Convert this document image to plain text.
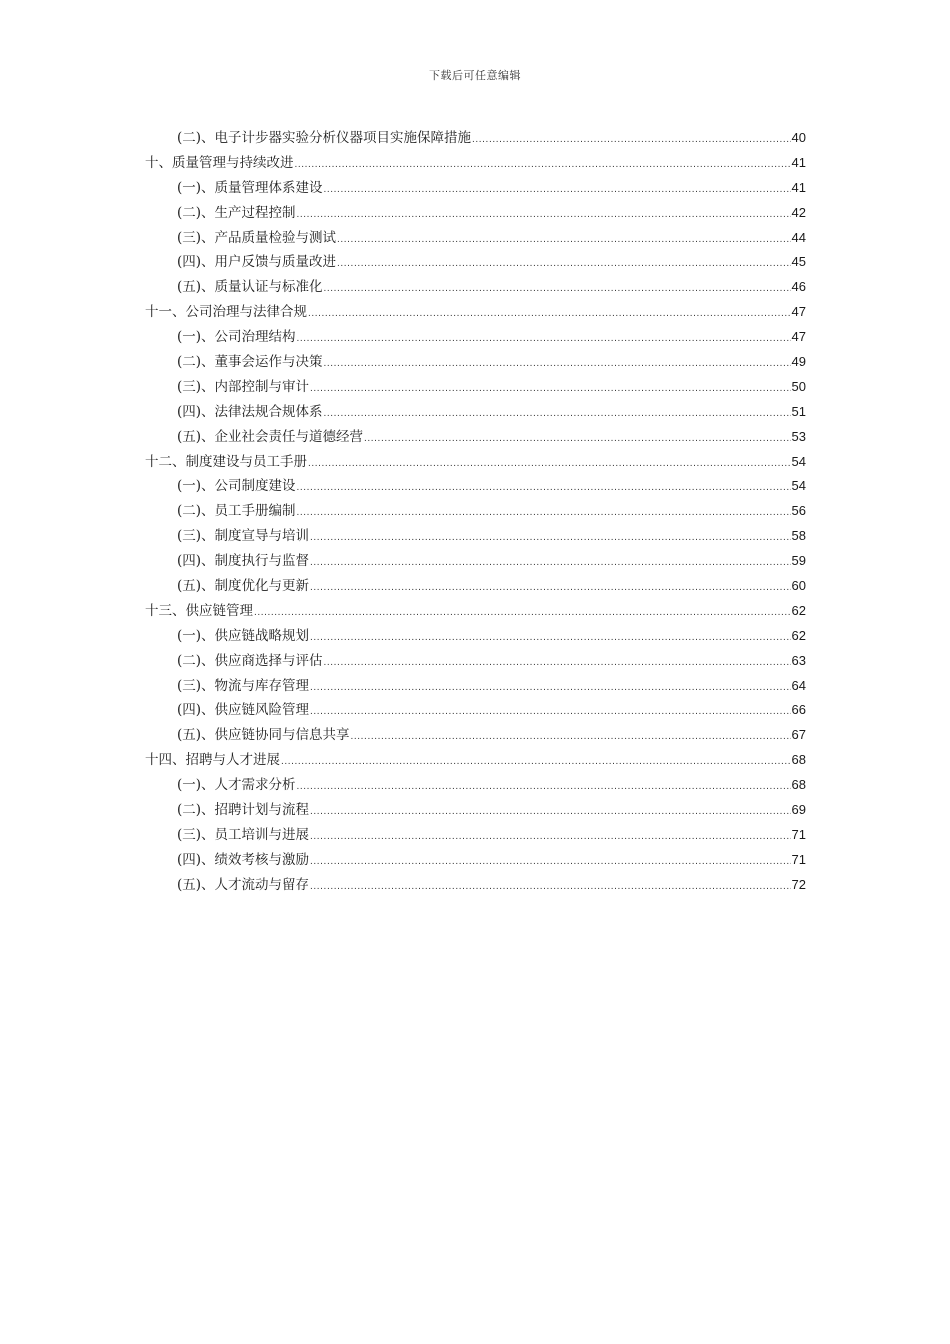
下载后可任意编辑
(二)、电子计步器实验分析仪器项目实施保障措施 .....	40
十、质量管理与持续改进 .....	41
(一)、质量管理体系建设 .....	41
(二)、生产过程控制 .....	42
(三)、产品质量检验与测试 .....	44
(四)、用户反馈与质量改进 .....	45
(五)、质量认证与标准化 .....	46
十一、公司治理与法律合规 .....	47
(一)、公司治理结构 .....	47
(二)、董事会运作与决策 .....	49
(三)、内部控制与审计 .....	50
(四)、法律法规合规体系 .....	51
(五)、企业社会责任与道德经营 .....	53
十二、制度建设与员工手册 .....	54
(一)、公司制度建设 .....	54
(二)、员工手册编制 .....	56
(三)、制度宣导与培训 .....	58
(四)、制度执行与监督 .....	59
(五)、制度优化与更新 .....	60
十三、供应链管理 .....	62
(一)、供应链战略规划 .....	62
(二)、供应商选择与评估 .....	63
(三)、物流与库存管理 .....	64
(四)、供应链风险管理 .....	66
(五)、供应链协同与信息共享 .....	67
十四、招聘与人才进展 .....	68
(一)、人才需求分析 .....	68
(二)、招聘计划与流程 .....	69
(三)、员工培训与进展 .....	71
(四)、绩效考核与激励 .....	71
(五)、人才流动与留存 .....	72
